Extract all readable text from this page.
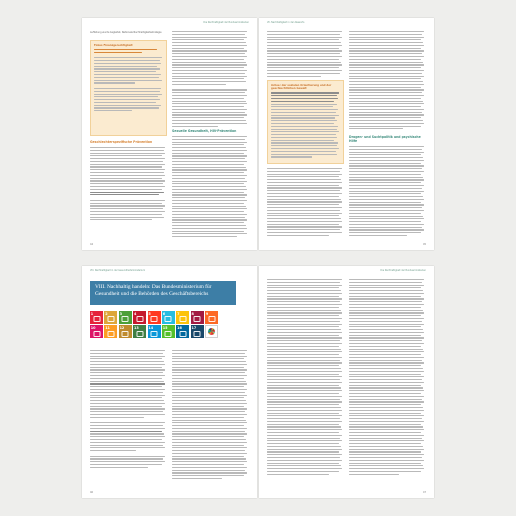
Die Nachhaltigkeit der Bundesministerien
Auflistung wurde begleitet, Nationale Nachhaltigkeitsstrategie
Fokus Finanzgerechtigkeit
Geschlechterspezifische Prävention
Sexuelle Gesundheit, HIV-Prävention
44
VII. Nachhaltigkeit in den Ressorts
Achse: der sozialen Orientierung und der geschlechtlichen Gewalt
Drogen- und Suchtpolitik und psychische Hilfe
45
VIII. Nachhaltigkeit in der Gesundheitsministerium
VIII. Nachhaltig handeln: Das Bundesministerium für Gesundheit und die Behörden des Geschäftsbereichs
1	2	3	4	5	6	7	8	9
10	11	12	13	14	15	16	17
46
Die Nachhaltigkeit der Bundesministerien
47
